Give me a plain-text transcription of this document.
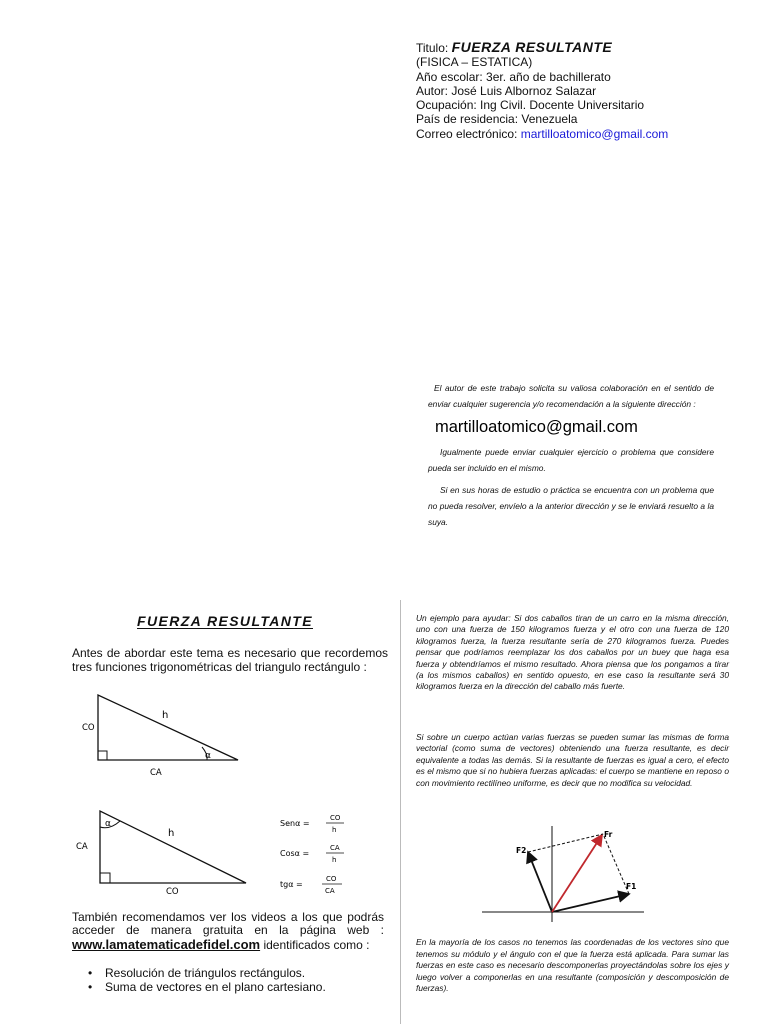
Titulo: FUERZA RESULTANTE
(FISICA – ESTATICA)
Año escolar: 3er. año de bachillerato
Autor: José Luis Albornoz Salazar
Ocupación: Ing Civil. Docente Universitario
País de residencia: Venezuela
Correo electrónico: martilloatomico@gmail.com

El autor de este trabajo solicita su valiosa colaboración en el sentido de enviar cualquier sugerencia y/o recomendación a la siguiente dirección :

martilloatomico@gmail.com

Igualmente puede enviar cualquier ejercicio o problema que considere pueda ser incluido en el mismo.

Si en sus horas de estudio o práctica se encuentra con un problema que no pueda resolver, envíelo a la anterior dirección y se le enviará resuelto a la suya.

FUERZA RESULTANTE
Antes de abordar este tema es necesario que recordemos tres funciones trigonométricas del triangulo rectángulo :
CO
h
CA
α
α
CA
h
CO
Senα =
CO
h
Cosα =
CA
h
tgα =
CO
CA
También recomendamos ver los videos a los que podrás acceder de manera gratuita en la página web : www.lamatematicadefidel.com identificados como :
• Resolución de triángulos rectángulos.
• Suma de vectores en el plano cartesiano.
Un ejemplo para ayudar: Si dos caballos tiran de un carro en la misma dirección, uno con una fuerza de 150 kilogramos fuerza y el otro con una fuerza de 120 kilogramos fuerza, la fuerza resultante sería de 270 kilogramos fuerza. Puedes pensar que podríamos reemplazar los dos caballos por un buey que haga esa fuerza y obtendríamos el mismo resultado. Ahora piensa que los pongamos a tirar (a los mismos caballos) en sentido opuesto, en ese caso la resultante será 30 kilogramos fuerza en la dirección del caballo más fuerte.
Si sobre un cuerpo actúan varias fuerzas se pueden sumar las mismas de forma vectorial (como suma de vectores) obteniendo una fuerza resultante, es decir equivalente a todas las demás. Si la resultante de fuerzas es igual a cero, el efecto es el mismo que si no hubiera fuerzas aplicadas: el cuerpo se mantiene en reposo o con movimiento rectilíneo uniforme, es decir que no modifica su velocidad.
F2
F1
Fr
En la mayoría de los casos no tenemos las coordenadas de los vectores sino que tenemos su módulo y el ángulo con el que la fuerza está aplicada. Para sumar las fuerzas en este caso es necesario descomponerlas proyectándolas sobre los ejes y luego volver a componerlas en una resultante (composición y descomposición de fuerzas).
